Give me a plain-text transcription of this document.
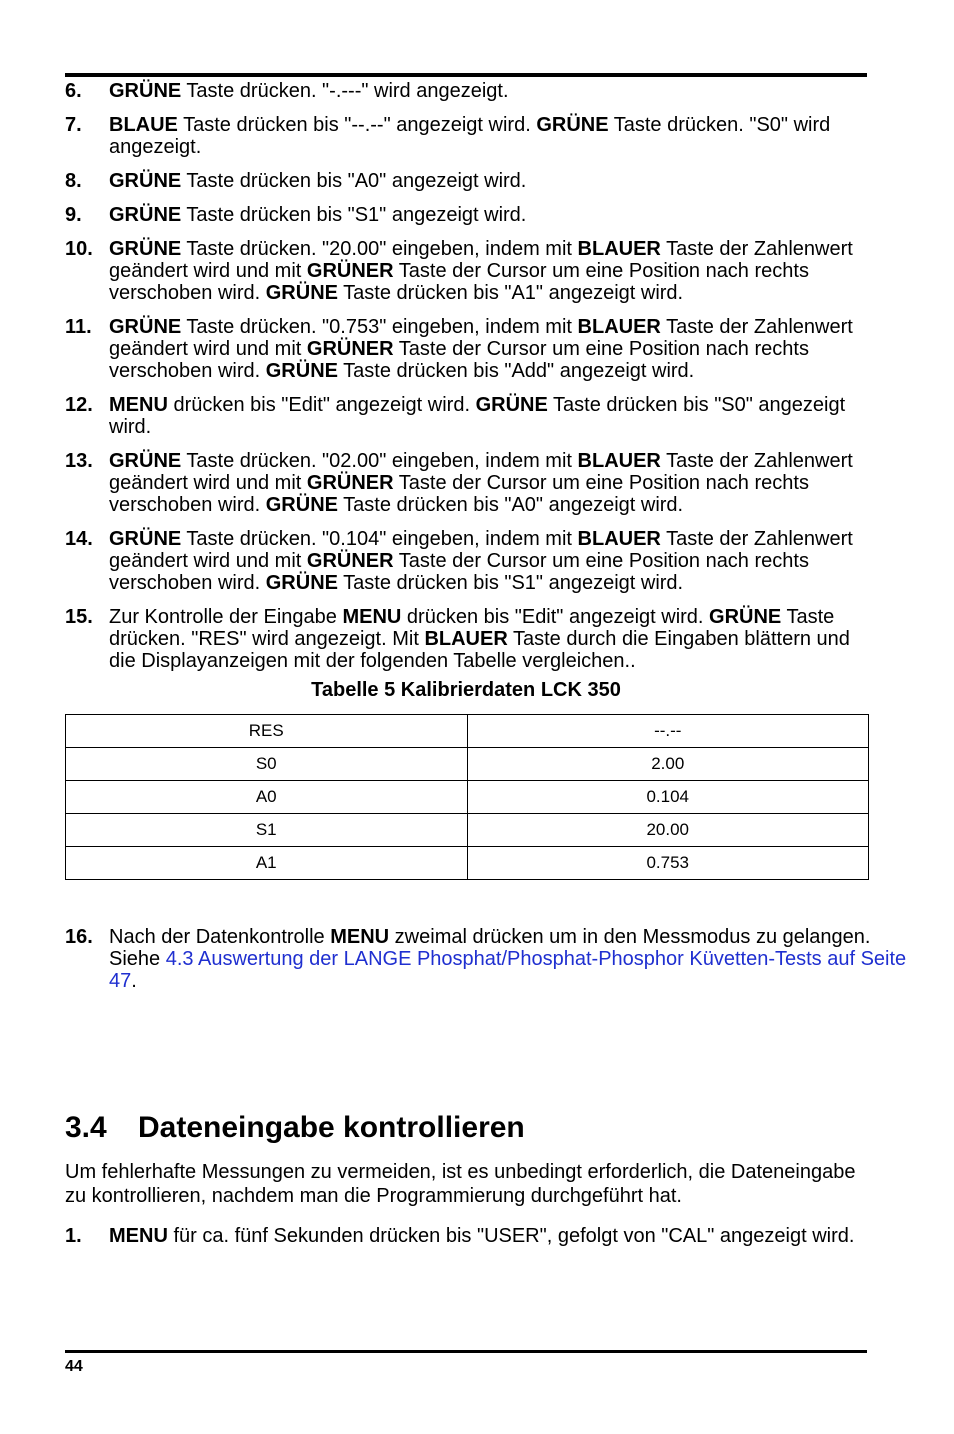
6. GRÜNE Taste drücken. "-.---" wird angezeigt.
7. BLAUE Taste drücken bis "--.--" angezeigt wird. GRÜNE Taste drücken. "S0" wird angezeigt.
8. GRÜNE Taste drücken bis "A0" angezeigt wird.
9. GRÜNE Taste drücken bis "S1" angezeigt wird.
10. GRÜNE Taste drücken. "20.00" eingeben, indem mit BLAUER Taste der Zahlenwert geändert wird und mit GRÜNER Taste der Cursor um eine Position nach rechts verschoben wird. GRÜNE Taste drücken bis "A1" angezeigt wird.
11. GRÜNE Taste drücken. "0.753" eingeben, indem mit BLAUER Taste der Zahlenwert geändert wird und mit GRÜNER Taste der Cursor um eine Position nach rechts verschoben wird. GRÜNE Taste drücken bis "Add" angezeigt wird.
12. MENU drücken bis "Edit" angezeigt wird. GRÜNE Taste drücken bis "S0" angezeigt wird.
13. GRÜNE Taste drücken. "02.00" eingeben, indem mit BLAUER Taste der Zahlenwert geändert wird und mit GRÜNER Taste der Cursor um eine Position nach rechts verschoben wird. GRÜNE Taste drücken bis "A0" angezeigt wird.
14. GRÜNE Taste drücken. "0.104" eingeben, indem mit BLAUER Taste der Zahlenwert geändert wird und mit GRÜNER Taste der Cursor um eine Position nach rechts verschoben wird. GRÜNE Taste drücken bis "S1" angezeigt wird.
15. Zur Kontrolle der Eingabe MENU drücken bis "Edit" angezeigt wird. GRÜNE Taste drücken. "RES" wird angezeigt. Mit BLAUER Taste durch die Eingaben blättern und die Displayanzeigen mit der folgenden Tabelle vergleichen..
Tabelle 5 Kalibrierdaten LCK 350
RES	--.--
S0	2.00
A0	0.104
S1	20.00
A1	0.753
16. Nach der Datenkontrolle MENU zweimal drücken um in den Messmodus zu gelangen. Siehe 4.3 Auswertung der LANGE Phosphat/Phosphat-Phosphor Küvetten-Tests auf Seite 47.
3.4 Dateneingabe kontrollieren

Um fehlerhafte Messungen zu vermeiden, ist es unbedingt erforderlich, die Dateneingabe zu kontrollieren, nachdem man die Programmierung durchgeführt hat.

1. MENU für ca. fünf Sekunden drücken bis "USER", gefolgt von "CAL" angezeigt wird.
44
